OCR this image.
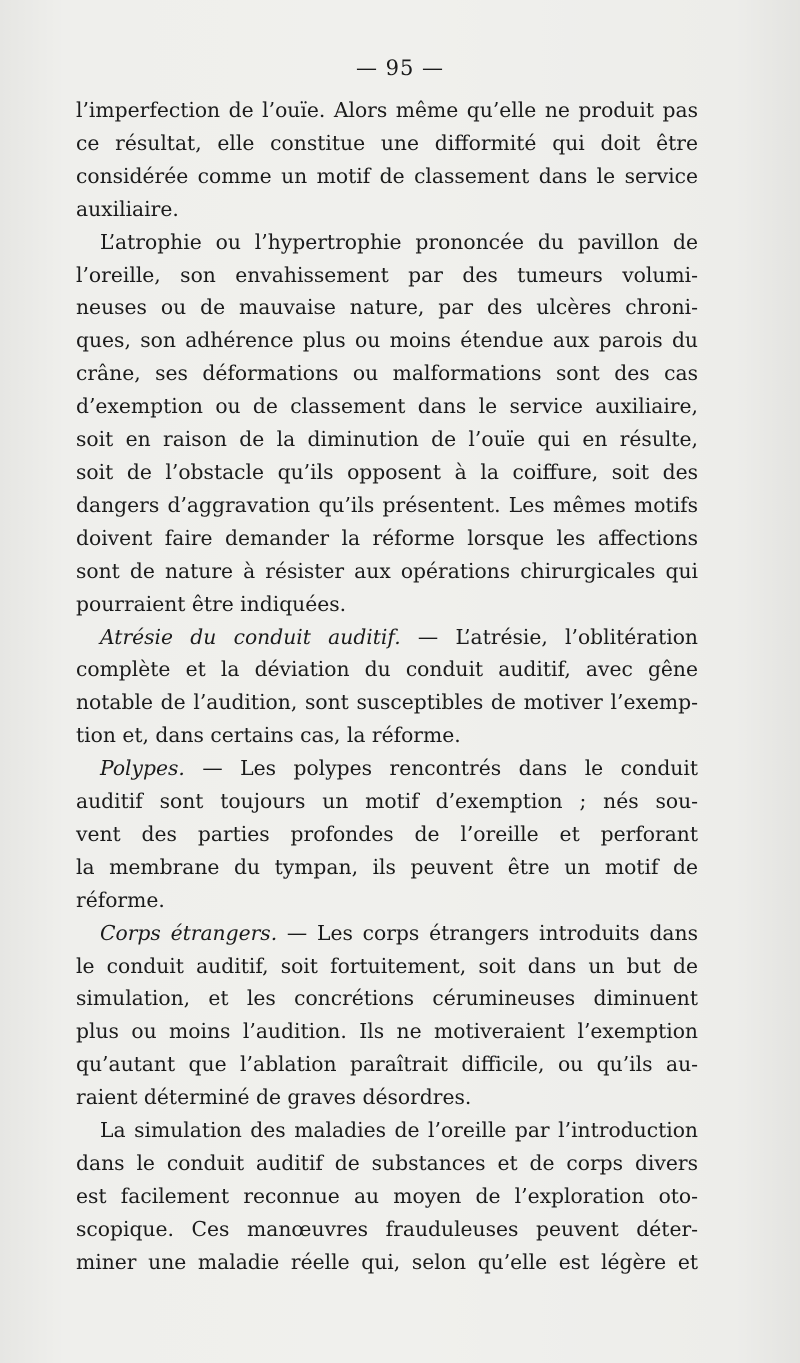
— 95 —
l’imperfection de l’ouïe. Alors même qu’elle ne produit pas
ce résultat, elle constitue une difformité qui doit être
considérée comme un motif de classement dans le service
auxiliaire.
L’atrophie ou l’hypertrophie prononcée du pavillon de
l’oreille, son envahissement par des tumeurs volumi-
neuses ou de mauvaise nature, par des ulcères chroni-
ques, son adhérence plus ou moins étendue aux parois du
crâne, ses déformations ou malformations sont des cas
d’exemption ou de classement dans le service auxiliaire,
soit en raison de la diminution de l’ouïe qui en résulte,
soit de l’obstacle qu’ils opposent à la coiffure, soit des
dangers d’aggravation qu’ils présentent. Les mêmes motifs
doivent faire demander la réforme lorsque les affections
sont de nature à résister aux opérations chirurgicales qui
pourraient être indiquées.
Atrésie du conduit auditif. — L’atrésie, l’oblitération
complète et la déviation du conduit auditif, avec gêne
notable de l’audition, sont susceptibles de motiver l’exemp-
tion et, dans certains cas, la réforme.
Polypes. — Les polypes rencontrés dans le conduit
auditif sont toujours un motif d’exemption ; nés sou-
vent des parties profondes de l’oreille et perforant
la membrane du tympan, ils peuvent être un motif de
réforme.
Corps étrangers. — Les corps étrangers introduits dans
le conduit auditif, soit fortuitement, soit dans un but de
simulation, et les concrétions cérumineuses diminuent
plus ou moins l’audition. Ils ne motiveraient l’exemption
qu’autant que l’ablation paraîtrait difficile, ou qu’ils au-
raient déterminé de graves désordres.
La simulation des maladies de l’oreille par l’introduction
dans le conduit auditif de substances et de corps divers
est facilement reconnue au moyen de l’exploration oto-
scopique. Ces manœuvres frauduleuses peuvent déter-
miner une maladie réelle qui, selon qu’elle est légère et
